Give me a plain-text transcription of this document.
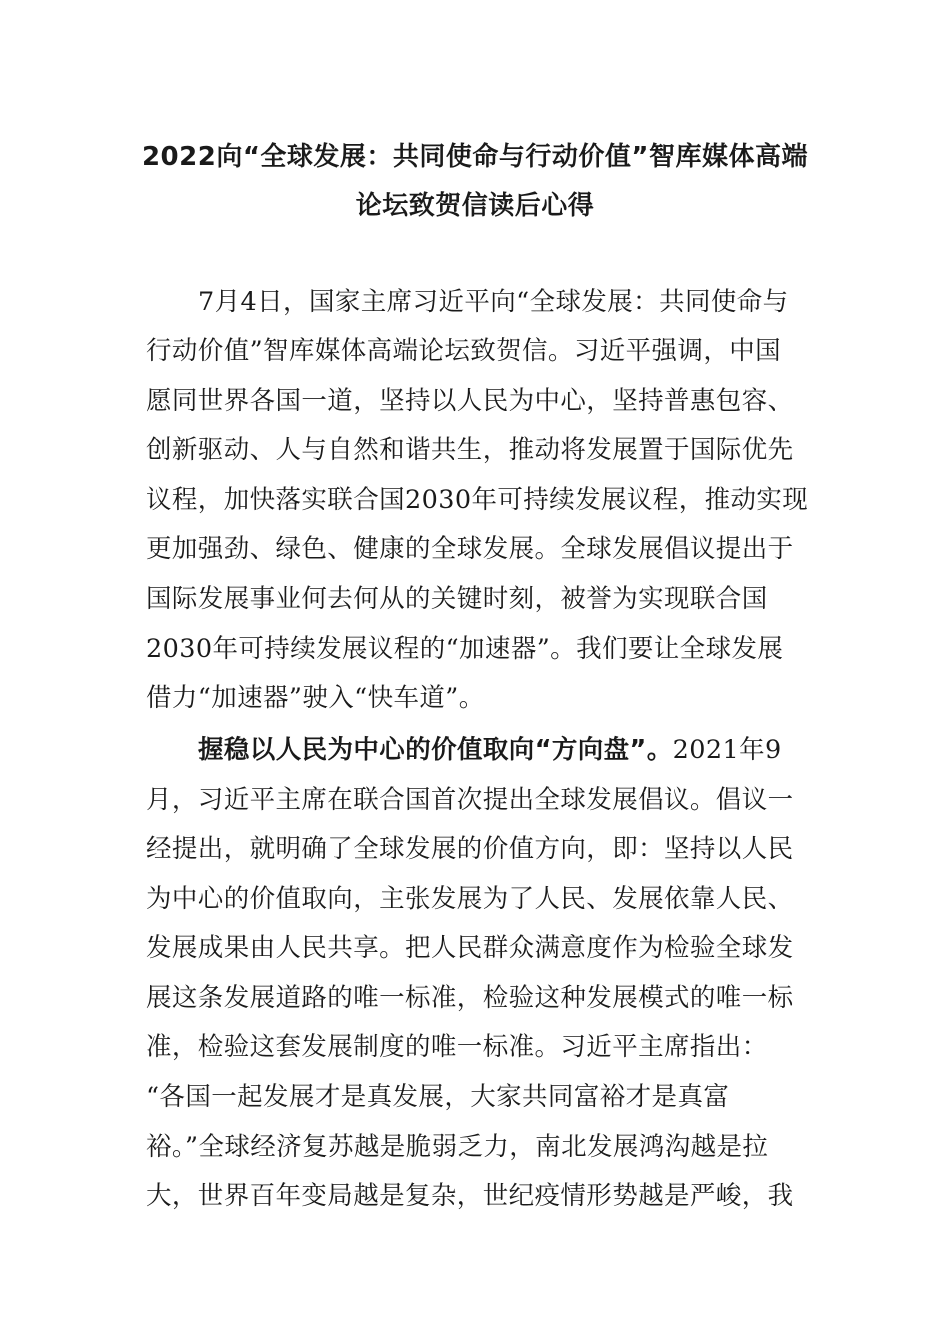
2022向“全球发展：共同使命与行动价值”智库媒体高端
论坛致贺信读后心得

7月4日，国家主席习近平向“全球发展：共同使命与

行动价值”智库媒体高端论坛致贺信。习近平强调，中国

愿同世界各国一道，坚持以人民为中心，坚持普惠包容、

创新驱动、人与自然和谐共生，推动将发展置于国际优先

议程，加快落实联合国2030年可持续发展议程，推动实现

更加强劲、绿色、健康的全球发展。全球发展倡议提出于

国际发展事业何去何从的关键时刻，被誉为实现联合国

2030年可持续发展议程的“加速器”。我们要让全球发展

借力“加速器”驶入“快车道”。

握稳以人民为中心的价值取向“方向盘”。2021年9

月，习近平主席在联合国首次提出全球发展倡议。倡议一

经提出，就明确了全球发展的价值方向，即：坚持以人民

为中心的价值取向，主张发展为了人民、发展依靠人民、

发展成果由人民共享。把人民群众满意度作为检验全球发

展这条发展道路的唯一标准，检验这种发展模式的唯一标

准，检验这套发展制度的唯一标准。习近平主席指出：

“各国一起发展才是真发展，大家共同富裕才是真富

裕。”全球经济复苏越是脆弱乏力，南北发展鸿沟越是拉

大，世界百年变局越是复杂，世纪疫情形势越是严峻，我
